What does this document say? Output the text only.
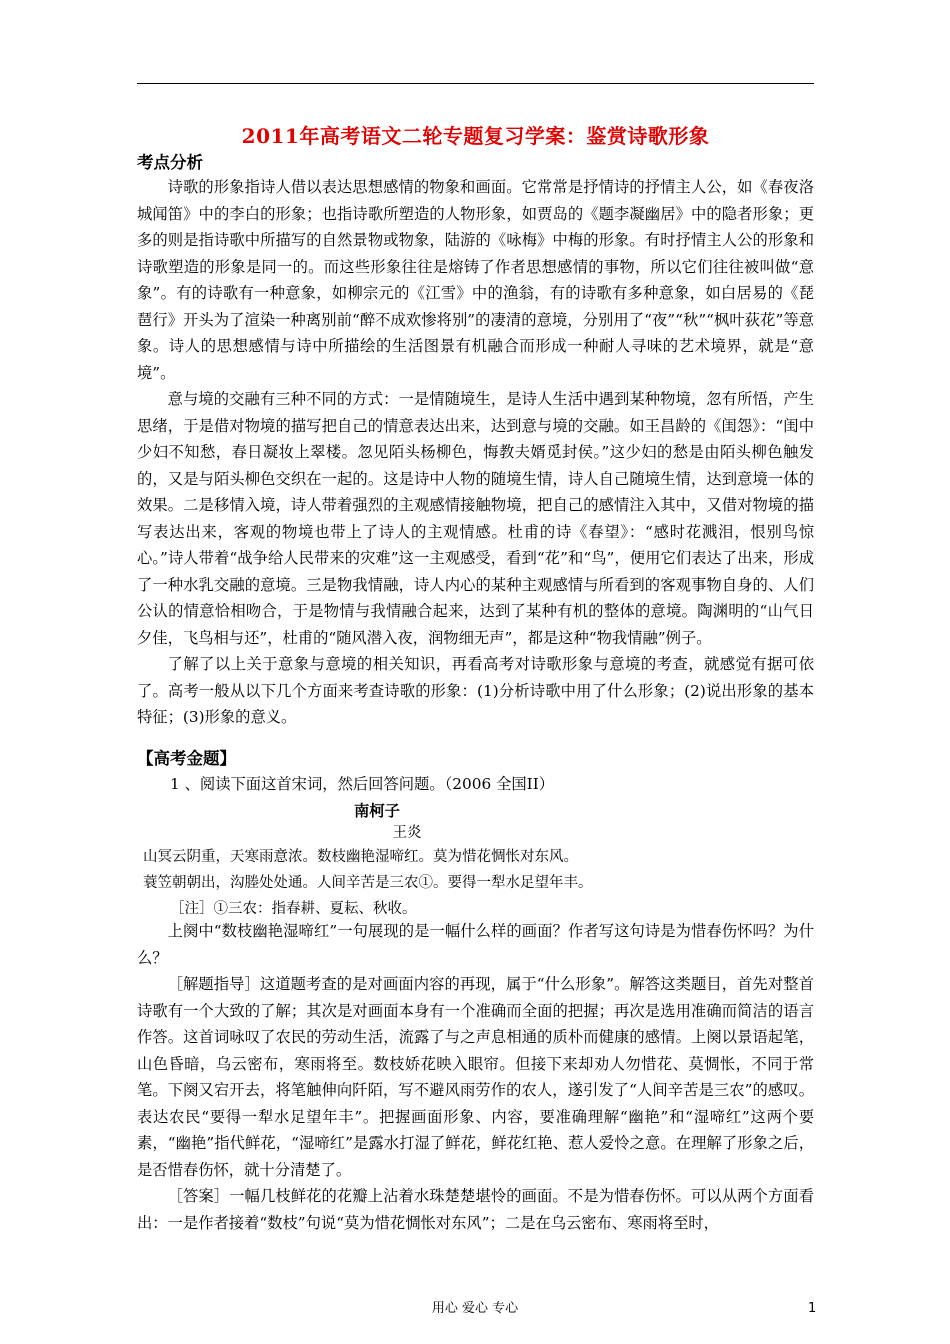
2011年高考语文二轮专题复习学案：鉴赏诗歌形象
考点分析

诗歌的形象指诗人借以表达思想感情的物象和画面。它常常是抒情诗的抒情主人公，如《春夜洛城闻笛》中的李白的形象；也指诗歌所塑造的人物形象，如贾岛的《题李凝幽居》中的隐者形象；更多的则是指诗歌中所描写的自然景物或物象，陆游的《咏梅》中梅的形象。有时抒情主人公的形象和诗歌塑造的形象是同一的。而这些形象往往是熔铸了作者思想感情的事物，所以它们往往被叫做“意象”。有的诗歌有一种意象，如柳宗元的《江雪》中的渔翁，有的诗歌有多种意象，如白居易的《琵琶行》开头为了渲染一种离别前“醉不成欢惨将别”的凄清的意境，分别用了“夜”“秋”“枫叶荻花”等意象。诗人的思想感情与诗中所描绘的生活图景有机融合而形成一种耐人寻味的艺术境界，就是“意境”。

意与境的交融有三种不同的方式：一是情随境生，是诗人生活中遇到某种物境，忽有所悟，产生思绪，于是借对物境的描写把自己的情意表达出来，达到意与境的交融。如王昌龄的《闺怨》：“闺中少妇不知愁，春日凝妆上翠楼。忽见陌头杨柳色，悔教夫婿觅封侯。”这少妇的愁是由陌头柳色触发的，又是与陌头柳色交织在一起的。这是诗中人物的随境生情，诗人自己随境生情，达到意境一体的效果。二是移情入境，诗人带着强烈的主观感情接触物境，把自己的感情注入其中，又借对物境的描写表达出来，客观的物境也带上了诗人的主观情感。杜甫的诗《春望》：“感时花溅泪，恨别鸟惊心。”诗人带着“战争给人民带来的灾难”这一主观感受，看到“花”和“鸟”，便用它们表达了出来，形成了一种水乳交融的意境。三是物我情融，诗人内心的某种主观感情与所看到的客观事物自身的、人们公认的情意恰相吻合，于是物情与我情融合起来，达到了某种有机的整体的意境。陶渊明的“山气日夕佳，飞鸟相与还”，杜甫的“随风潜入夜，润物细无声”，都是这种“物我情融”例子。

了解了以上关于意象与意境的相关知识，再看高考对诗歌形象与意境的考查，就感觉有据可依了。高考一般从以下几个方面来考查诗歌的形象：(1)分析诗歌中用了什么形象；(2)说出形象的基本特征；(3)形象的意义。

【高考金题】
1 、阅读下面这首宋词，然后回答问题。（2006 全国II）
南柯子
王炎
山冥云阴重，天寒雨意浓。数枝幽艳湿啼红。莫为惜花惆怅对东风。
蓑笠朝朝出，沟塍处处通。人间辛苦是三农①。要得一犁水足望年丰。
［注］①三农：指春耕、夏耘、秋收。

上阕中“数枝幽艳湿啼红”一句展现的是一幅什么样的画面？作者写这句诗是为惜春伤怀吗？为什么？

［解题指导］这道题考查的是对画面内容的再现，属于“什么形象”。解答这类题目，首先对整首诗歌有一个大致的了解；其次是对画面本身有一个准确而全面的把握；再次是选用准确而简洁的语言作答。这首词咏叹了农民的劳动生活，流露了与之声息相通的质朴而健康的感情。上阕以景语起笔，山色昏暗，乌云密布，寒雨将至。数枝娇花映入眼帘。但接下来却劝人勿惜花、莫惆怅，不同于常笔。下阕又宕开去，将笔触伸向阡陌，写不避风雨劳作的农人，遂引发了“人间辛苦是三农”的感叹。表达农民“要得一犁水足望年丰”。把握画面形象、内容，要准确理解“幽艳”和“湿啼红”这两个要素，“幽艳”指代鲜花，“湿啼红”是露水打湿了鲜花，鲜花红艳、惹人爱怜之意。在理解了形象之后，是否惜春伤怀，就十分清楚了。

［答案］一幅几枝鲜花的花瓣上沾着水珠楚楚堪怜的画面。不是为惜春伤怀。可以从两个方面看出：一是作者接着“数枝”句说“莫为惜花惆怅对东风”；二是在乌云密布、寒雨将至时，

用心 爱心 专心	1
